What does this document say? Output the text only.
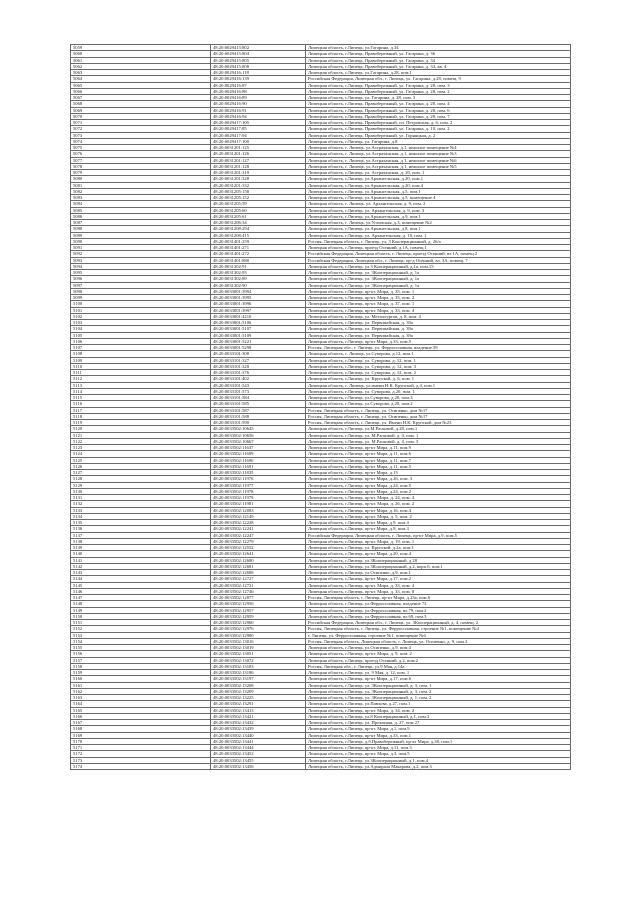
5059	48:20:0029415:802	Липецкая область, г.Липецк, ул.Гагарина, д.34
5060	48:20:0029415:804	Липецкая область, г.Липецк, Правобережный, ул. Гагарина, д. 36
5061	48:20:0029415:805	Липецкая область, г.Липецк, Правобережный, ул. Гагарина, д. 34
5062	48:20:0029415:808	Липецкая область, г.Липецк, Правобережный, ул. Гагарина, д. 34, кв. 4
5063	48:20:0029416:118	Липецкая область, г.Липецк, ул.Гагарина, д.28, пом.1
5064	48:20:0029416:139	Российская Федерация, Липецкая обл., г. Липецк, ул. Гагарина, д.28, помещ. 9
5065	48:20:0029416:87	Липецкая область, г.Липецк, Правобережный, ул. Гагарина, д. 28, пом. 3
5066	48:20:0029416:88	Липецкая область, г.Липецк, Правобережный, ул. Гагарина, д. 28, пом. 2
5067	48:20:0029416:89	Липецкая область, г.Липецк, ул. Гагарина, д. 28, пом. 3
5068	48:20:0029416:90	Липецкая область, г.Липецк, Правобережный, ул. Гагарина, д. 28, пом. 4
5069	48:20:0029416:91	Липецкая область, г.Липецк, Правобережный, ул. Гагарина, д. 28, пом. 6
5070	48:20:0029416:94	Липецкая область, г.Липецк, Правобережный, ул. Гагарина, д. 28, пом. 7
5071	48:20:0029417:105	Липецкая область, г.Липецк, Правобережный, пл. Петровская, д. 6, пом. 2
5072	48:20:0029417:85	Липецкая область, г.Липецк, Правобережный, ул. Гагарина, д. 10, пом. 2
5073	48:20:0029417:94	Липецкая область, г.Липецк, Правобережный, ул. Горняцкая, д. 2
5074	48:20:0029417:100	Липецкая область, г.Липецк, ул. Гагарина, д.8
5075	48:20:0031201:125	Липецкая область, г. Липецк, ул.Астраханская, д.1, нежилое помещение №4
5076	48:20:0031201:126	Липецкая область, г. Липецк, ул.Астраханская, д.1, нежилое помещение №3
5077	48:20:0031201:127	Липецкая область, г. Липецк, ул.Астраханская, д.1, нежилое помещение №6
5078	48:20:0031201:128	Липецкая область, г. Липецк, ул.Астраханская, д.1, нежилое помещение №5
5079	48:20:0031201:319	Липецкая область, г.Липецк, ул. Астраханская, д. 20, пом. 1
5080	48:20:0031201:328	Липецкая область, г.Липецк, ул.Архангельская, д.20, пом.1
5081	48:20:0031201:332	Липецкая область, г.Липецк, ул.Архангельская, д.20, пом.4
5082	48:20:0031205:158	Липецкая область, г.Липецк, ул.Архангельская, д.5, пом.1
5083	48:20:0031205:152	Липецкая область, г.Липецк, ул.Архангельская, д.5, помещение 4
5084	48:20:0031205:59	Липецкая область, г. Липецк, ул. Архангельская, д. 9, пом. 2
5085	48:20:0031205:60	Липецкая область, г.Липецк, ул. Архангельская, д. 9, пом. 3
5086	48:20:0031205:61	Липецкая область, г.Липецк, ул.Архангельская, д.9, пом.1
5087	48:20:0031206:34	Липецкая область, г. Липецк, ул.Угличская, д.3, помещение №2
5088	48:20:0031208:294	Липецкая область, г.Липецк, ул.Архангельская, д.8, пом.1
5089	48:20:0031208:415	Липецкая область, г.Липецк, ул. Архангельская, д. 10, пом. 1
5090	48:20:0031401:259	Россия, Липецкая область, г. Липецк, ул. 3 Кооперационный, д. 26/а
5091	48:20:0031401:271	Липецкая область, г.Липецк, проезд Осенний, д.1А, помещ.1
5092	48:20:0031401:272	Российская Федерация, Липецкая область, г. Липецк, проезд Осенний, вл.1А, помещ.2
5093	48:20:0031401:880	Российская Федерация, Липецкая обл., г. Липецк, пр-д Осенний, вл. 3А, помещ. 7
5094	48:20:0031302:91	Липецкая область, г.Липецк, ул.3 Кооперационный, д.1а, пом.15
5095	48:20:0031302:93	Липецкая область, г.Липецк, ул. 3Кооперационный, д. 1а
5096	48:20:0031302:89	Липецкая область, г.Липецк, ул. 3Кооперационный, д. 1а
5097	48:20:0031302:90	Липецкая область, г.Липецк, ул. 3Кооперационный, д. 1а
5098	48:20:0033001:3994	Липецкая область, г.Липецк, пр-кт. Мира, д. 35, пом. 1
5099	48:20:0033001:3995	Липецкая область, г.Липецк, пр-кт. Мира, д. 35, пом. 2
5100	48:20:0033001:3996	Липецкая область, г.Липецк, пр-кт. Мира, д. 37, пом. 1
5101	48:20:0033001:3997	Липецкая область, г.Липецк, пр-кт. Мира, д. 33, пом. 4
5102	48:20:0033001:4210	Липецкая область, г.Липецк, ул. Металлургов, д. 8, пом. 4
5103	48:20:0033001:5106	Липецкая область, г.Липецк, ул. Первомайская, д. 39а
5104	48:20:0033001:5107	Липецкая область, г.Липецк, ул. Первомайская, д. 39а
5105	48:20:0033001:5109	Липецкая область, г.Липецк, ул. Первомайская, д. 39а
5106	48:20:0033001:5221	Липецкая область, г.Липецк, пр-кт Мира, д.33, пом.5
5107	48:20:0033001:5298	Россия, Липецкая обл., г. Липецк, ул. Ферросплавная, владение 39
5108	48:20:0033101:308	Липецкая область, г. Липецк, ул.Суворова, д.12, пом.1
5109	48:20:0033101:327	Липецкая область, г.Липецк, ул. Суворова, д. 12, пом. 1
5110	48:20:0033101:328	Липецкая область, г.Липецк, ул. Суворова, д. 12, пом. 3
5111	48:20:0033101:376	Липецкая область, г.Липецк, ул. Суворова, д. 12, пом. 2
5112	48:20:0033101:402	Липецкая область, г.Липецк, ул. Крупской, д. 6, пом. 1
5113	48:20:0033101:543	Липецкая область, г. Липецк, ул.имени Н.К. Крупской, д.4, пом.1
5114	48:20:0033101:573	Липецкая область, г.Липецк, ул. Суворова, д.20, пом. 1
5115	48:20:0033101:584	Липецкая область, г.Липецк, ул.Суворова, д.20, пом.3
5116	48:20:0033101:585	Липецкая область, г.Липецк, ул.Суворова, д.20, пом.2
5117	48:20:0033101:587	Россия, Липецкая область, г. Липецк, ул. Осипенко, дом №17
5118	48:20:0033101:588	Россия, Липецкая область, г. Липецк, ул. Осипенко, дом №17
5119	48:20:0033101:590	Россия, Липецкая область, г. Липецк, ул. Имени Н.К. Крупской, дом №23
5120	48:20:0033502:10645	Липецкая область, г.Липецк, ул.М.Расковой, д.28, пом.1
5121	48:20:0033502:10656	Липецкая область, г.Липецк, ул. М.Расковой, д. 4, пом. 1
5122	48:20:0033502:10667	Липецкая область, г.Липецк, ул. М.Расковой, д. 4, пом. 3
5123	48:20:0033502:11637	Липецкая область, г.Липецк, пр-кт Мира, д.11, пом.9
5124	48:20:0033502:11689	Липецкая область, г.Липецк, пр-кт Мира, д.11, пом.6
5125	48:20:0033502:11690	Липецкая область, г.Липецк, пр-кт Мира, д.11, пом.7
5126	48:20:0033502:11691	Липецкая область, г.Липецк, пр-кт Мира, д.11, пом.5
5127	48:20:0033502:11835	Липецкая область, г.Липецк, пр-кт Мира, д.13
5128	48:20:0033502:11976	Липецкая область, г.Липецк, пр-кт Мира, д.26, пом. 3
5129	48:20:0033502:11977	Липецкая область, г.Липецк, пр-кт Мира, д.24, пом.5
5130	48:20:0033502:11978	Липецкая область, г.Липецк, пр-кт Мира, д.24, пом.2
5131	48:20:0033502:11979	Липецкая область, г.Липецк, пр-кт. Мира, д. 24, пом. 4
5132	48:20:0033502:11981	Липецкая область, г.Липецк, пр-кт. Мира, д. 26, пом. 2
5133	48:20:0033502:12083	Липецкая область, г.Липецк, пр-кт Мира, д.16, пом.4
5134	48:20:0033502:12149	Липецкая область, г.Липецк, пр-кт. Мира, д. 5, пом. 2
5135	48:20:0033502:12228	Липецкая область, г.Липецк, пр-кт Мира, д.9, пом.4
5136	48:20:0033502:12241	Липецкая область, г.Липецк, пр-кт Мира, д.9, пом.3
5137	48:20:0033502:12247	Российская Федерация, Липецкая область, г. Липецк, пр-кт Мира, д.9, пом.5
5138	48:20:0033502:12279	Липецкая область, г.Липецк, пр-кт. Мира, д. 19, пом. 1
5139	48:20:0033502:12552	Липецкая область, г.Липецк, ул. Крупской, д.2а, пом.1
5140	48:20:0033502:12641	Липецкая область, г.Липецк, пр-кт Мира, д.20, пом.4
5141	48:20:0033502:12680	Липецкая область, г.Липецк, ул.3Кооперационный, д.28
5142	48:20:0033502:12681	Липецкая область, г.Липецк, ул.3Кооперационный, д.2, корп.6, пом.1
5143	48:20:0033502:12688	Липецкая область, г.Липецк, ул.Осипенко, д.9, пом.1
5144	48:20:0033502:12727	Липецкая область, г.Липецк, пр-кт Мира, д.17, пом.2
5145	48:20:0033502:12731	Липецкая область, г.Липецк, пр-кт. Мира, д. 33, пом. 4
5146	48:20:0033502:12746	Липецкая область, г.Липецк, пр-кт. Мира, д. 33, пом. 8
5147	48:20:0033502:12877	Россия, Липецкая область, г. Липецк, пр-кт Мира, д.23а, пом.6
5148	48:20:0033502:12956	Липецкая область, г.Липецк, ул.Ферросплавная, владение 73
5149	48:20:0033502:12957	Липецкая область, г.Липецк, ул.Ферросплавная, вл.79, пом.2
5150	48:20:0033502:12959	Липецкая область, г.Липецк, ул.Ферросплавная, вл.69, пом.3
5151	48:20:0033502:12960	Российская Федерация, Липецкая обл., г. Липецк, ул. 3Кооперационный, д. 4, помещ. 2
5152	48:20:0033502:12976	Россия, Липецкая область, г. Липецк, ул. Ферросплавная, строение №1, помещение №4
5153	48:20:0033502:12980	г. Липецк, ул. Ферросплавная, строение №1, помещение №6
5154	48:20:0033502:13016	Россия, Липецкая область, Липецкая область, г. Липецк, ул. Осипенко, д. 9, пом.3
5155	48:20:0033502:13019	Липецкая область, г.Липецк, ул.Осипенко, д.9, пом.4
5156	48:20:0033502:13051	Липецкая область, г.Липецк, пр-кт. Мира, д. 9, пом. 2
5157	48:20:0033502:13072	Липецкая область, г.Липецк, проезд Осенний, д.2, пом.2
5158	48:20:0033502:13183	Россия, Липецкая обл., г. Липецк, ул.9 Мая, д.14а
5159	48:20:0033502:13186	Липецкая область, г.Липецк, ул. 9 Мая, д. 12, пом. 1
5160	48:20:0033502:13197	Липецкая область, г.Липецк, пр-кт Мира, д.17, пом.6
5161	48:20:0033502:13208	Липецкая область, г.Липецк, ул. 3Кооперационный, д. 3, пом. 1
5162	48:20:0033502:13209	Липецкая область, г.Липецк, ул. 3Кооперационный, д. 3, пом. 2
5163	48:20:0033502:13225	Липецкая область, г.Липецк, ул. 3Кооперационный, д. 1, пом. 2
5164	48:20:0033502:13291	Липецкая область, г.Липецк, ул.Павлова, д.27, пом.1
5165	48:20:0033502:13413	Липецкая область, г.Липецк, пр-кт. Мира, д. 34, пом. 2
5166	48:20:0033502:13421	Липецкая область, г.Липецк, ул.8 Кооперационный, д.1, пом.3
5167	48:20:0033502:13432	Липецкая область, г.Липецк, ул. Прокатная, д. 27, пом 27
5168	48:20:0033502:13439	Липецкая область, г.Липецк, пр-кт. Мира, д.1, пом.9
5169	48:20:0033502:13440	Липецкая область, г.Липецк, пр-кт Мира, д.33, пом.1
5170	48:20:0033502:13441	Липецкая область, г.Липецк, д.б.Правобережный, пр-кт Мира, д.38, пом.1
5171	48:20:0033502:13444	Липецкая область, г.Липецк, пр-кт. Мира, д.11, пом.3
5172	48:20:0033502:13452	Липецкая область, г.Липецк, пр-кт. Мира, д.3, пом.5
5173	48:20:0033502:13455	Липецкая область, г.Липецк, ул.3Кооперационный, д.1, пом.4
5174	48:20:0033502:13456	Липецкая область, г.Липецк, ул.Адмирала Макарова, д.2, пом.3
